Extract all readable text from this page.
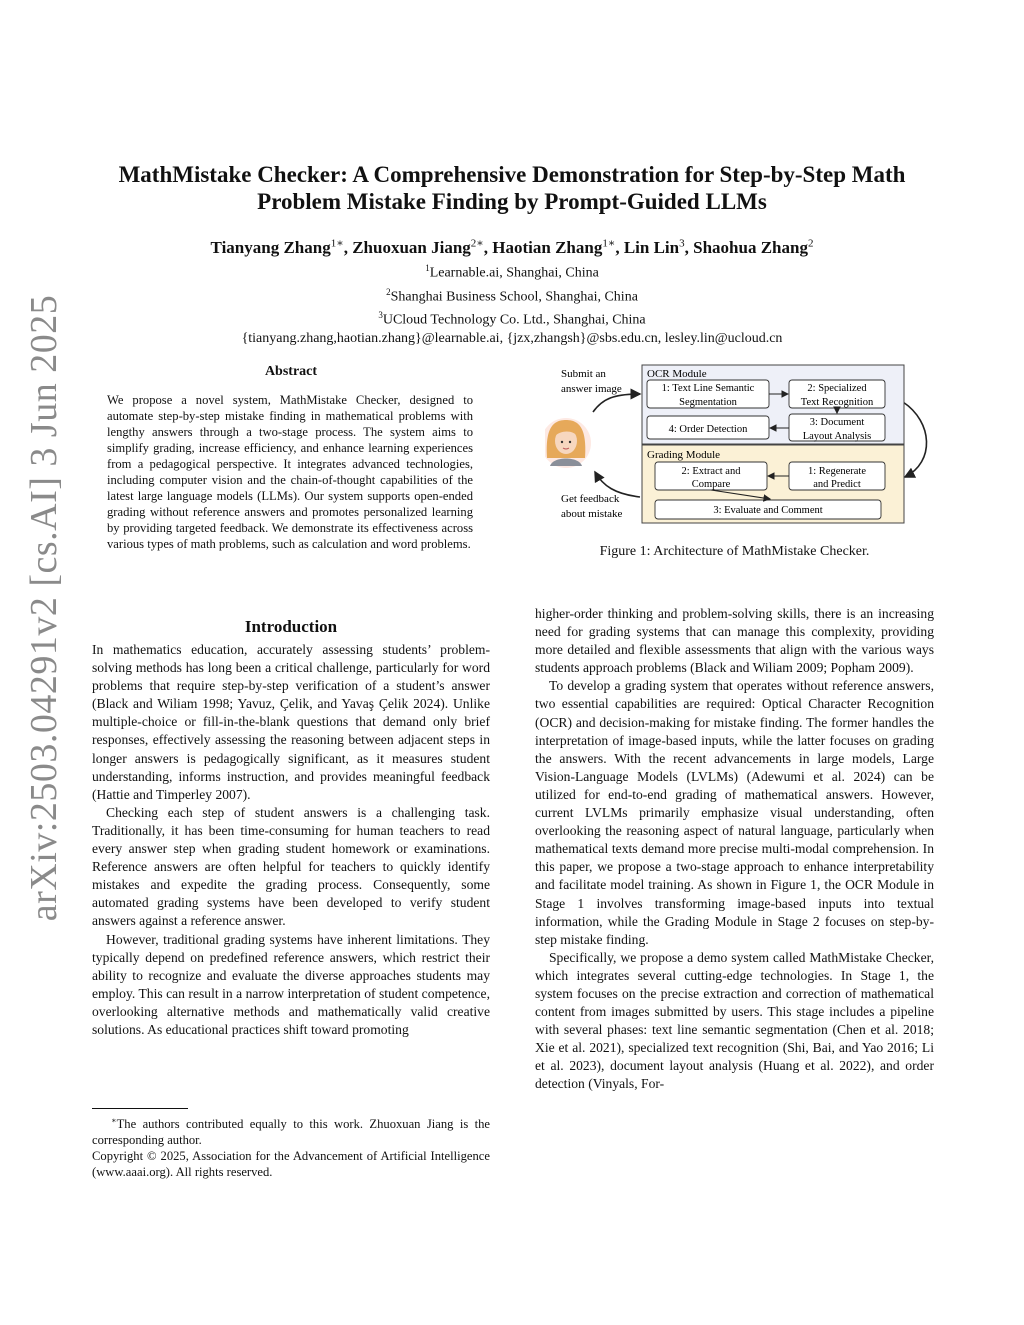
arXiv:2503.04291v2 [cs.AI] 3 Jun 2025
MathMistake Checker: A Comprehensive Demonstration for Step-by-Step Math
Problem Mistake Finding by Prompt-Guided LLMs
Tianyang Zhang$^{1∗}$, Zhuoxuan Jiang$^{2∗}$, Haotian Zhang$^{1∗}$, Lin Lin$^3$, Shaohua Zhang$^2$
$^1$Learnable.ai, Shanghai, China
$^2$Shanghai Business School, Shanghai, China
$^3$UCloud Technology Co. Ltd., Shanghai, China
{tianyang.zhang,haotian.zhang}@learnable.ai, {jzx,zhangsh}@sbs.edu.cn, lesley.lin@ucloud.cn
Abstract
We propose a novel system, MathMistake Checker, designed to automate step-by-step mistake finding in mathematical problems with lengthy answers through a two-stage process. The system aims to simplify grading, increase efficiency, and enhance learning experiences from a pedagogical perspective. It integrates advanced technologies, including computer vision and the chain-of-thought capabilities of the latest large language models (LLMs). Our system supports open-ended grading without reference answers and promotes personalized learning by providing targeted feedback. We demonstrate its effectiveness across various types of math problems, such as calculation and word problems.
Introduction

In mathematics education, accurately assessing students’ problem-solving methods has long been a critical challenge, particularly for word problems that require step-by-step verification of a student’s answer (Black and Wiliam 1998; Yavuz, Çelik, and Yavaş Çelik 2024). Unlike multiple-choice or fill-in-the-blank questions that demand only brief responses, effectively assessing the reasoning between adjacent steps in longer answers is pedagogically significant, as it measures student understanding, informs instruction, and provides meaningful feedback (Hattie and Timperley 2007).

Checking each step of student answers is a challenging task. Traditionally, it has been time-consuming for human teachers to read every answer step when grading student homework or examinations. Reference answers are often helpful for teachers to quickly identify mistakes and expedite the grading process. Consequently, some automated grading systems have been developed to verify student answers against a reference answer.

However, traditional grading systems have inherent limitations. They typically depend on predefined reference answers, which restrict their ability to recognize and evaluate the diverse approaches students may employ. This can result in a narrow interpretation of student competence, overlooking alternative methods and mathematically valid creative solutions. As educational practices shift toward promoting

∗The authors contributed equally to this work. Zhuoxuan Jiang is the corresponding author.

Copyright © 2025, Association for the Advancement of Artificial Intelligence (www.aaai.org). All rights reserved.

Submit an
answer image
Get feedback
about mistake
OCR Module
1: Text Line Semantic
Segmentation
2: Specialized
Text Recognition
3: Document
Layout Analysis
4: Order Detection
Grading Module
1: Regenerate
and Predict
2: Extract and
Compare
3: Evaluate and Comment
Figure 1: Architecture of MathMistake Checker.

higher-order thinking and problem-solving skills, there is an increasing need for grading systems that can manage this complexity, providing more detailed and flexible assessments that align with the various ways students approach problems (Black and Wiliam 2009; Popham 2009).

To develop a grading system that operates without reference answers, two essential capabilities are required: Optical Character Recognition (OCR) and decision-making for mistake finding. The former handles the interpretation of image-based inputs, while the latter focuses on grading the answers. With the recent advancements in large models, Large Vision-Language Models (LVLMs) (Adewumi et al. 2024) can be utilized for end-to-end grading of mathematical answers. However, current LVLMs primarily emphasize visual understanding, often overlooking the reasoning aspect of natural language, particularly when mathematical texts demand more precise multi-modal comprehension. In this paper, we propose a two-stage approach to enhance interpretability and facilitate model training. As shown in Figure 1, the OCR Module in Stage 1 involves transforming image-based inputs into textual information, while the Grading Module in Stage 2 focuses on step-by-step mistake finding.

Specifically, we propose a demo system called MathMistake Checker, which integrates several cutting-edge technologies. In Stage 1, the system focuses on the precise extraction and correction of mathematical content from images submitted by users. This stage includes a pipeline with several phases: text line semantic segmentation (Chen et al. 2018; Xie et al. 2021), specialized text recognition (Shi, Bai, and Yao 2016; Li et al. 2023), document layout analysis (Huang et al. 2022), and order detection (Vinyals, For-
